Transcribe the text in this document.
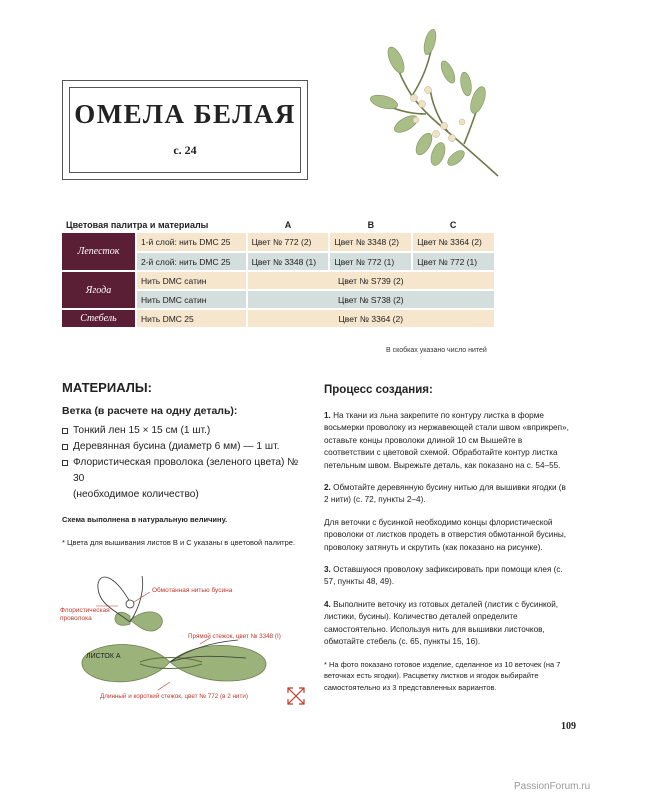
ОМЕЛА БЕЛАЯ
с. 24
Цветовая палитра и материалы		A	B	C
Лепесток	1-й слой: нить DMC 25	Цвет № 772 (2)	Цвет № 3348 (2)	Цвет № 3364 (2)
	2-й слой: нить DMC 25	Цвет № 3348 (1)	Цвет № 772 (1)	Цвет № 772 (1)
Ягода	Нить DMC сатин	Цвет № S739 (2)		
	Нить DMC сатин	Цвет № S738 (2)		
Стебель	Нить DMC 25	Цвет № 3364 (2)		
В скобках указано число нитей
МАТЕРИАЛЫ:
Ветка (в расчете на одну деталь):
Тонкий лен 15 × 15 см (1 шт.)
Деревянная бусина (диаметр 6 мм) — 1 шт.
Флористическая проволока (зеленого цвета) № 30
(необходимое количество)
Схема выполнена в натуральную величину.
* Цвета для вышивания листов B и C указаны в цветовой палитре.
Флористическая
проволока
Обмотанная нитью бусина
ЛИСТОК A
Прямой стежок, цвет № 3348 (I)
Длинный и короткий стежок, цвет № 772 (в 2 нити)
Процесс создания:

1. На ткани из льна закрепите по контуру листка в форме восьмерки проволоку из нержавеющей стали швом «вприкреп», оставьте концы проволоки длиной 10 см Вышейте в соответствии с цветовой схемой. Обработайте контур листка петельным швом. Вырежьте деталь, как показано на с. 54–55.

2. Обмотайте деревянную бусину нитью для вышивки ягодки (в 2 нити) (с. 72, пункты 2–4).

Для веточки с бусинкой необходимо концы флористической проволоки от листков продеть в отверстия обмотанной бусины, проволоку затянуть и скрутить (как показано на рисунке).

3. Оставшуюся проволоку зафиксировать при помощи клея (с. 57, пункты 48, 49).

4. Выполните веточку из готовых деталей (листик с бусинкой, листики, бусины). Количество деталей определите самостоятельно. Используя нить для вышивки листочков, обмотайте стебель (с. 65, пункты 15, 16).

* На фото показано готовое изделие, сделанное из 10 веточек (на 7 веточках есть ягодки). Расцветку листков и ягодок выбирайте самостоятельно из 3 представленных вариантов.

109
PassionForum.ru
